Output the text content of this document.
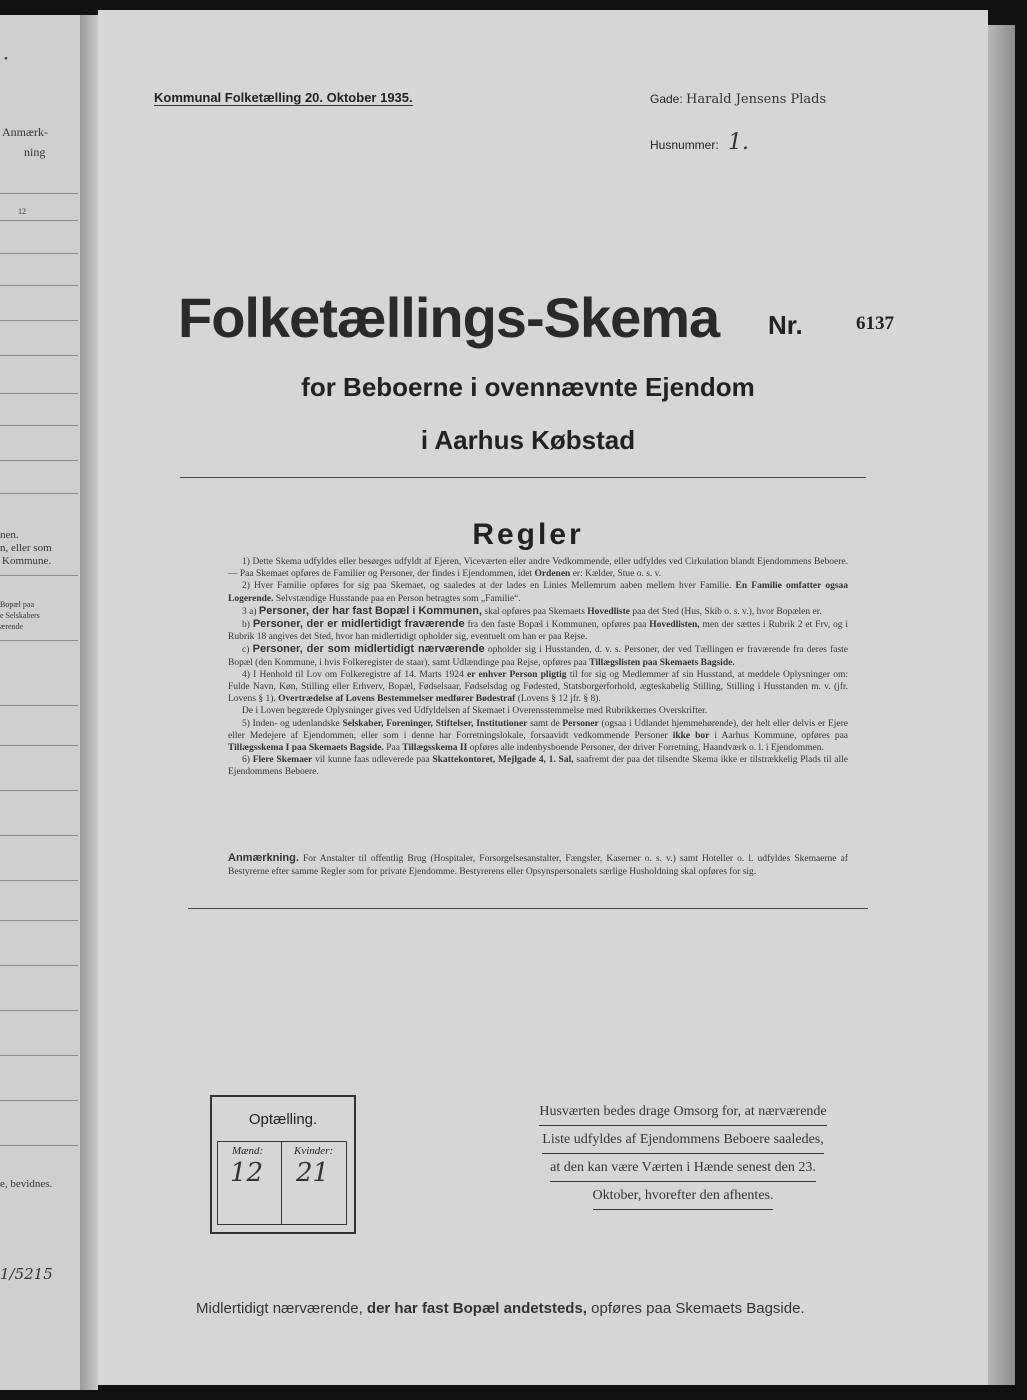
•
Anmærk-
ning
12
nen.
n, eller som
Kommune.
Bopæl paa
e Selskabers
ærende
e, bevidnes.
1/5215
Kommunal Folketælling 20. Oktober 1935.	Gade: Harald Jensens Plads
Husnummer: 1.
Folketællings-Skema Nr.	6137
for Beboerne i ovennævnte Ejendom
i Aarhus Købstad
Regler

1) Dette Skema udfyldes eller besørges udfyldt af Ejeren, Viceværten eller andre Vedkommende, eller udfyldes ved Cirkulation blandt Ejendommens Beboere. — Paa Skemaet opføres de Familier og Personer, der findes i Ejendommen, idet Ordenen er: Kælder, Stue o. s. v.

2) Hver Familie opføres for sig paa Skemaet, og saaledes at der lades en Linies Mellemrum aaben mellem hver Familie. En Familie omfatter ogsaa Logerende. Selvstændige Husstande paa en Person betragtes som „Familie“.

3 a) Personer, der har fast Bopæl i Kommunen, skal opføres paa Skemaets Hovedliste paa det Sted (Hus, Skib o. s. v.), hvor Bopælen er.

b) Personer, der er midlertidigt fraværende fra den faste Bopæl i Kommunen, opføres paa Hovedlisten, men der sættes i Rubrik 2 et Frv, og i Rubrik 18 angives det Sted, hvor han midlertidigt opholder sig, eventuelt om han er paa Rejse.

c) Personer, der som midlertidigt nærværende opholder sig i Husstanden, d. v. s. Personer, der ved Tællingen er fraværende fra deres faste Bopæl (den Kommune, i hvis Folkeregister de staar), samt Udlændinge paa Rejse, opføres paa Tillægslisten paa Skemaets Bagside.

4) I Henhold til Lov om Folkeregistre af 14. Marts 1924 er enhver Person pligtig til for sig og Medlemmer af sin Husstand, at meddele Oplysninger om: Fulde Navn, Køn, Stilling eller Erhverv, Bopæl, Fødselsaar, Fødselsdag og Fødested, Statsborgerforhold, ægteskabelig Stilling, Stilling i Husstanden m. v. (jfr. Lovens § 1). Overtrædelse af Lovens Bestemmelser medfører Bødestraf (Lovens § 12 jfr. § 8).

De i Loven begærede Oplysninger gives ved Udfyldelsen af Skemaet i Overensstemmelse med Rubrikkernes Overskrifter.

5) Inden- og udenlandske Selskaber, Foreninger, Stiftelser, Institutioner samt de Personer (ogsaa i Udlandet hjemmehørende), der helt eller delvis er Ejere eller Medejere af Ejendommen, eller som i denne har Forretningslokale, forsaavidt vedkommende Personer ikke bor i Aarhus Kommune, opføres paa Tillægsskema I paa Skemaets Bagside. Paa Tillægsskema II opføres alle indenbysboende Personer, der driver Forretning, Haandværk o. l. i Ejendommen.

6) Flere Skemaer vil kunne faas udleverede paa Skattekontoret, Mejlgade 4, 1. Sal, saafremt der paa det tilsendte Skema ikke er tilstrækkelig Plads til alle Ejendommens Beboere.

Anmærkning. For Anstalter til offentlig Brug (Hospitaler, Forsorgelsesanstalter, Fængsler, Kaserner o. s. v.) samt Hoteller o. l. udfyldes Skemaerne af Bestyrerne efter samme Regler som for private Ejendomme. Bestyrerens eller Opsynspersonalets særlige Husholdning skal opføres for sig.
Optælling.
Mænd:
12
Kvinder:
21
Husværten bedes drage Omsorg for, at nærværende
Liste udfyldes af Ejendommens Beboere saaledes,
at den kan være Værten i Hænde senest den 23.
Oktober, hvorefter den afhentes.
Midlertidigt nærværende, der har fast Bopæl andetsteds, opføres paa Skemaets Bagside.
